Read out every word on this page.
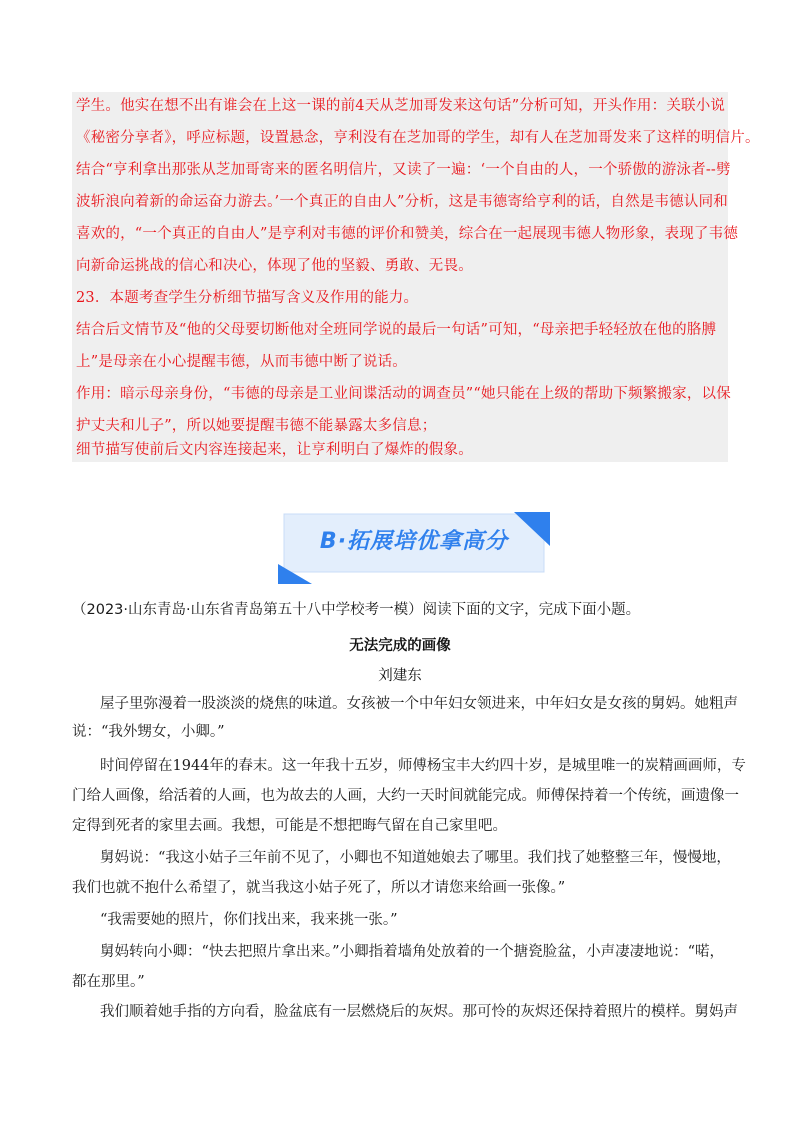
学生。他实在想不出有谁会在上这一课的前4天从芝加哥发来这句话”分析可知，开头作用：关联小说
《秘密分享者》，呼应标题，设置悬念，亨利没有在芝加哥的学生，却有人在芝加哥发来了这样的明信片。
结合“亨利拿出那张从芝加哥寄来的匿名明信片，又读了一遍：‘一个自由的人，一个骄傲的游泳者--劈
波斩浪向着新的命运奋力游去。’一个真正的自由人”分析，这是韦德寄给亨利的话，自然是韦德认同和
喜欢的，“一个真正的自由人”是亨利对韦德的评价和赞美，综合在一起展现韦德人物形象，表现了韦德
向新命运挑战的信心和决心，体现了他的坚毅、勇敢、无畏。
23．本题考查学生分析细节描写含义及作用的能力。
结合后文情节及“他的父母要切断他对全班同学说的最后一句话”可知，“母亲把手轻轻放在他的胳膊
上”是母亲在小心提醒韦德，从而韦德中断了说话。
作用：暗示母亲身份，“韦德的母亲是工业间谍活动的调查员”“她只能在上级的帮助下频繁搬家，以保
护丈夫和儿子”，所以她要提醒韦德不能暴露太多信息；
细节描写使前后文内容连接起来，让亨利明白了爆炸的假象。
B·拓展培优拿高分
（2023·山东青岛·山东省青岛第五十八中学校考一模）阅读下面的文字，完成下面小题。
无法完成的画像
刘建东
屋子里弥漫着一股淡淡的烧焦的味道。女孩被一个中年妇女领进来，中年妇女是女孩的舅妈。她粗声
说：“我外甥女，小卿。”
时间停留在1944年的春末。这一年我十五岁，师傅杨宝丰大约四十岁，是城里唯一的炭精画画师，专
门给人画像，给活着的人画，也为故去的人画，大约一天时间就能完成。师傅保持着一个传统，画遗像一
定得到死者的家里去画。我想，可能是不想把晦气留在自己家里吧。
舅妈说：“我这小姑子三年前不见了，小卿也不知道她娘去了哪里。我们找了她整整三年，慢慢地，
我们也就不抱什么希望了，就当我这小姑子死了，所以才请您来给画一张像。”
“我需要她的照片，你们找出来，我来挑一张。”
舅妈转向小卿：“快去把照片拿出来。”小卿指着墙角处放着的一个搪瓷脸盆，小声凄凄地说：“喏，
都在那里。”
我们顺着她手指的方向看，脸盆底有一层燃烧后的灰烬。那可怜的灰烬还保持着照片的模样。舅妈声
